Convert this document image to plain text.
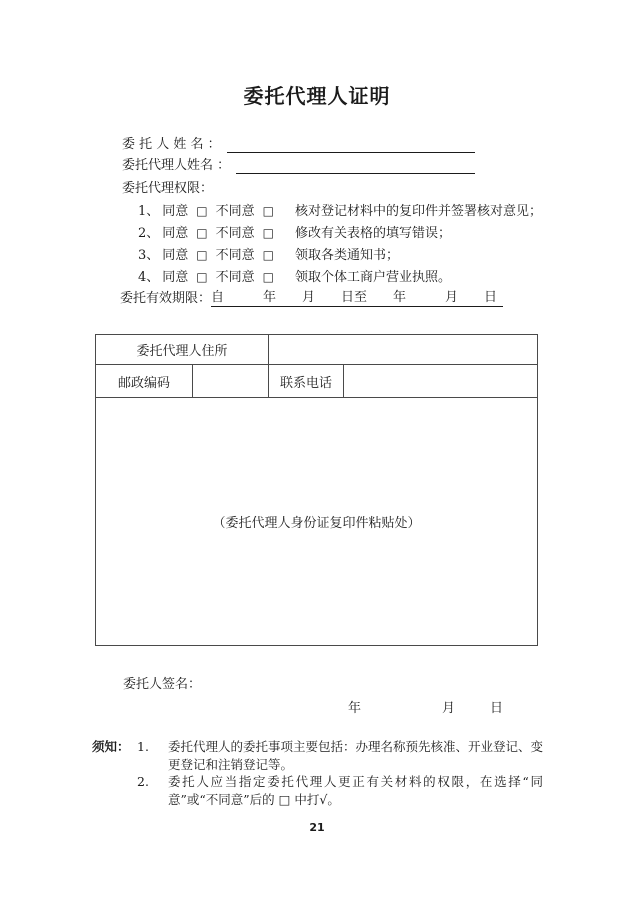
委托代理人证明
委 托 人 姓 名 ：
委托代理人姓名 ：
委托代理权限：
1、 同意 □ 不同意 □ 核对登记材料中的复印件并签署核对意见；
2、 同意 □ 不同意 □ 修改有关表格的填写错误；
3、 同意 □ 不同意 □ 领取各类通知书；
4、 同意 □ 不同意 □ 领取个体工商户营业执照。
委托有效期限： 自　　　年　　月　　日至　　年　　　月　　日
委托代理人住所			
邮政编码		联系电话	
（委托代理人身份证复印件粘贴处）			
委托人签名：
年	月	日
须知： 1.	委托代理人的委托事项主要包括：办理名称预先核准、开业登记、变更登记和注销登记等。
2.	委托人应当指定委托代理人更正有关材料的权限，在选择“同意”或“不同意”后的 □ 中打√。
21
